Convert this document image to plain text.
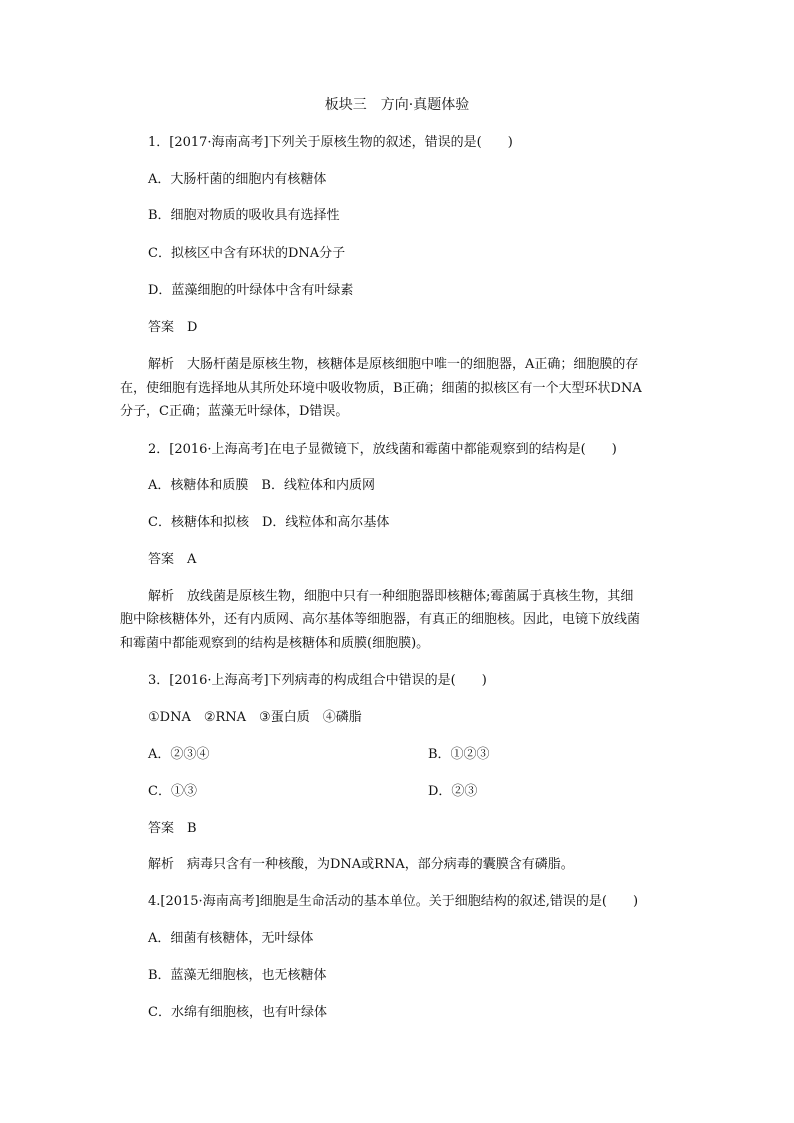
板块三　方向·真题体验
1．[2017·海南高考]下列关于原核生物的叙述，错误的是(　　)
A．大肠杆菌的细胞内有核糖体
B．细胞对物质的吸收具有选择性
C．拟核区中含有环状的DNA分子
D．蓝藻细胞的叶绿体中含有叶绿素
答案　D
解析　大肠杆菌是原核生物，核糖体是原核细胞中唯一的细胞器，A正确；细胞膜的存
在，使细胞有选择地从其所处环境中吸收物质，B正确；细菌的拟核区有一个大型环状DNA
分子，C正确；蓝藻无叶绿体，D错误。
2．[2016·上海高考]在电子显微镜下，放线菌和霉菌中都能观察到的结构是(　　)
A．核糖体和质膜　B．线粒体和内质网
C．核糖体和拟核　D．线粒体和高尔基体
答案　A
解析　放线菌是原核生物，细胞中只有一种细胞器即核糖体;霉菌属于真核生物，其细
胞中除核糖体外，还有内质网、高尔基体等细胞器，有真正的细胞核。因此，电镜下放线菌
和霉菌中都能观察到的结构是核糖体和质膜(细胞膜)。
3．[2016·上海高考]下列病毒的构成组合中错误的是(　　)
①DNA　②RNA　③蛋白质　④磷脂
A．②③④	B．①②③
C．①③	D．②③
答案　B
解析　病毒只含有一种核酸，为DNA或RNA，部分病毒的囊膜含有磷脂。
4.[2015·海南高考]细胞是生命活动的基本单位。关于细胞结构的叙述,错误的是(　　)
A．细菌有核糖体，无叶绿体
B．蓝藻无细胞核，也无核糖体
C．水绵有细胞核，也有叶绿体
